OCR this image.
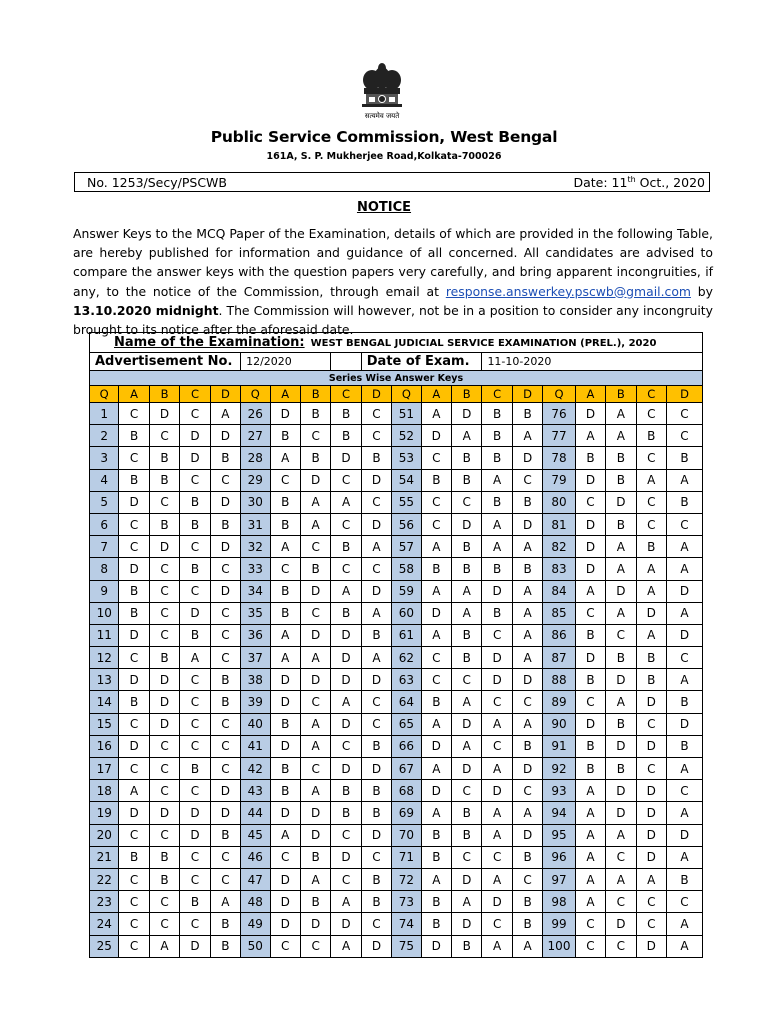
सत्यमेव जयते
Public Service Commission, West Bengal
161A, S. P. Mukherjee Road,Kolkata-700026
No. 1253/Secy/PSCWB	Date: 11th Oct., 2020
NOTICE
Answer Keys to the MCQ Paper of the Examination, details of which are provided in the following Table, are hereby published for information and guidance of all concerned. All candidates are advised to compare the answer keys with the question papers very carefully, and bring apparent incongruities, if any, to the notice of the Commission, through email at response.answerkey.pscwb@gmail.com by 13.10.2020 midnight. The Commission will however, not be in a position to consider any incongruity brought to its notice after the aforesaid date.
Name of the Examination: WEST BENGAL JUDICIAL SERVICE EXAMINATION (PREL.), 2020																			
Advertisement No.					12/2020				Date of Exam.				11-10-2020						
Series Wise Answer Keys																			
Q	A	B	C	D	Q	A	B	C	D	Q	A	B	C	D	Q	A	B	C	D
1	C	D	C	A	26	D	B	B	C	51	A	D	B	B	76	D	A	C	C
2	B	C	D	D	27	B	C	B	C	52	D	A	B	A	77	A	A	B	C
3	C	B	D	B	28	A	B	D	B	53	C	B	B	D	78	B	B	C	B
4	B	B	C	C	29	C	D	C	D	54	B	B	A	C	79	D	B	A	A
5	D	C	B	D	30	B	A	A	C	55	C	C	B	B	80	C	D	C	B
6	C	B	B	B	31	B	A	C	D	56	C	D	A	D	81	D	B	C	C
7	C	D	C	D	32	A	C	B	A	57	A	B	A	A	82	D	A	B	A
8	D	C	B	C	33	C	B	C	C	58	B	B	B	B	83	D	A	A	A
9	B	C	C	D	34	B	D	A	D	59	A	A	D	A	84	A	D	A	D
10	B	C	D	C	35	B	C	B	A	60	D	A	B	A	85	C	A	D	A
11	D	C	B	C	36	A	D	D	B	61	A	B	C	A	86	B	C	A	D
12	C	B	A	C	37	A	A	D	A	62	C	B	D	A	87	D	B	B	C
13	D	D	C	B	38	D	D	D	D	63	C	C	D	D	88	B	D	B	A
14	B	D	C	B	39	D	C	A	C	64	B	A	C	C	89	C	A	D	B
15	C	D	C	C	40	B	A	D	C	65	A	D	A	A	90	D	B	C	D
16	D	C	C	C	41	D	A	C	B	66	D	A	C	B	91	B	D	D	B
17	C	C	B	C	42	B	C	D	D	67	A	D	A	D	92	B	B	C	A
18	A	C	C	D	43	B	A	B	B	68	D	C	D	C	93	A	D	D	C
19	D	D	D	D	44	D	D	B	B	69	A	B	A	A	94	A	D	D	A
20	C	C	D	B	45	A	D	C	D	70	B	B	A	D	95	A	A	D	D
21	B	B	C	C	46	C	B	D	C	71	B	C	C	B	96	A	C	D	A
22	C	B	C	C	47	D	A	C	B	72	A	D	A	C	97	A	A	A	B
23	C	C	B	A	48	D	B	A	B	73	B	A	D	B	98	A	C	C	C
24	C	C	C	B	49	D	D	D	C	74	B	D	C	B	99	C	D	C	A
25	C	A	D	B	50	C	C	A	D	75	D	B	A	A	100	C	C	D	A
